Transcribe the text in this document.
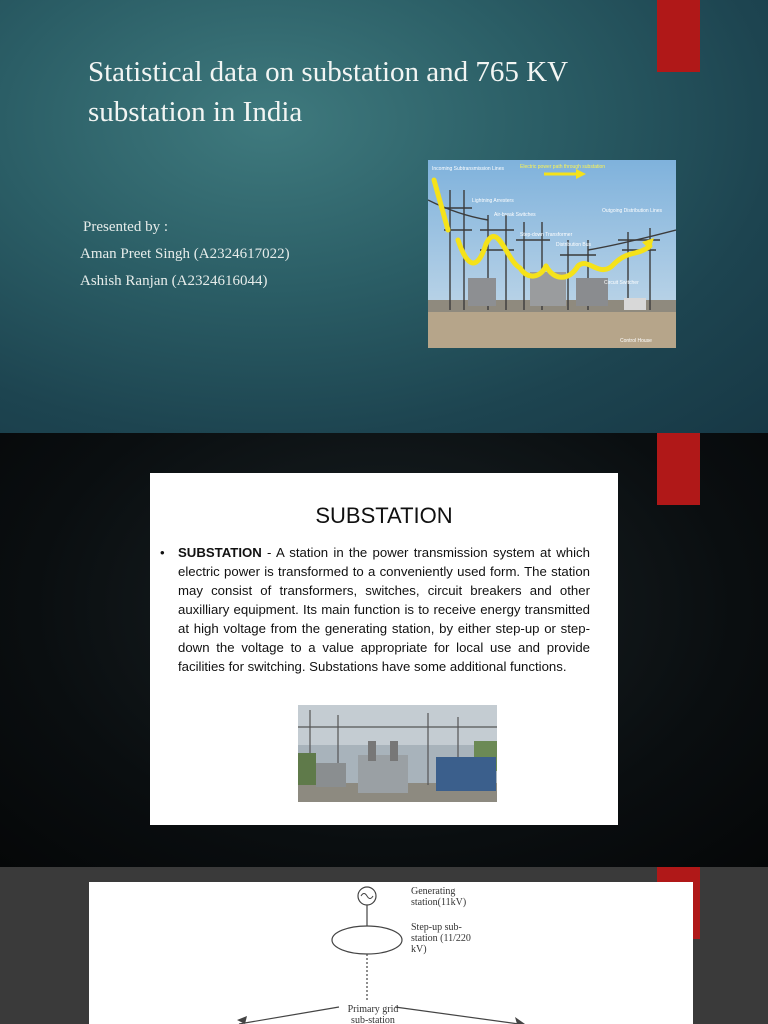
Statistical data on substation and 765 KV substation in India
Presented by :
Aman Preet Singh (A2324617022)
Ashish Ranjan (A2324616044)
Incoming Subtransmission Lines	Electric power path through substation
Lightning Arresters
Air-break Switches
Outgoing Distribution Lines
Step-down Transformer
Distribution Bus
Circuit Switcher
Control House
SUBSTATION
• SUBSTATION - A station in the power transmission system at which electric power is transformed to a conveniently used form. The station may consist of transformers, switches, circuit breakers and other auxilliary equipment. Its main function is to receive energy transmitted at high voltage from the generating station, by either step-up or step-down the voltage to a value appropriate for local use and provide facilities for switching. Substations have some additional functions.
Generating station(11kV)
Step-up sub-station (11/220 kV)
Primary grid sub-station
